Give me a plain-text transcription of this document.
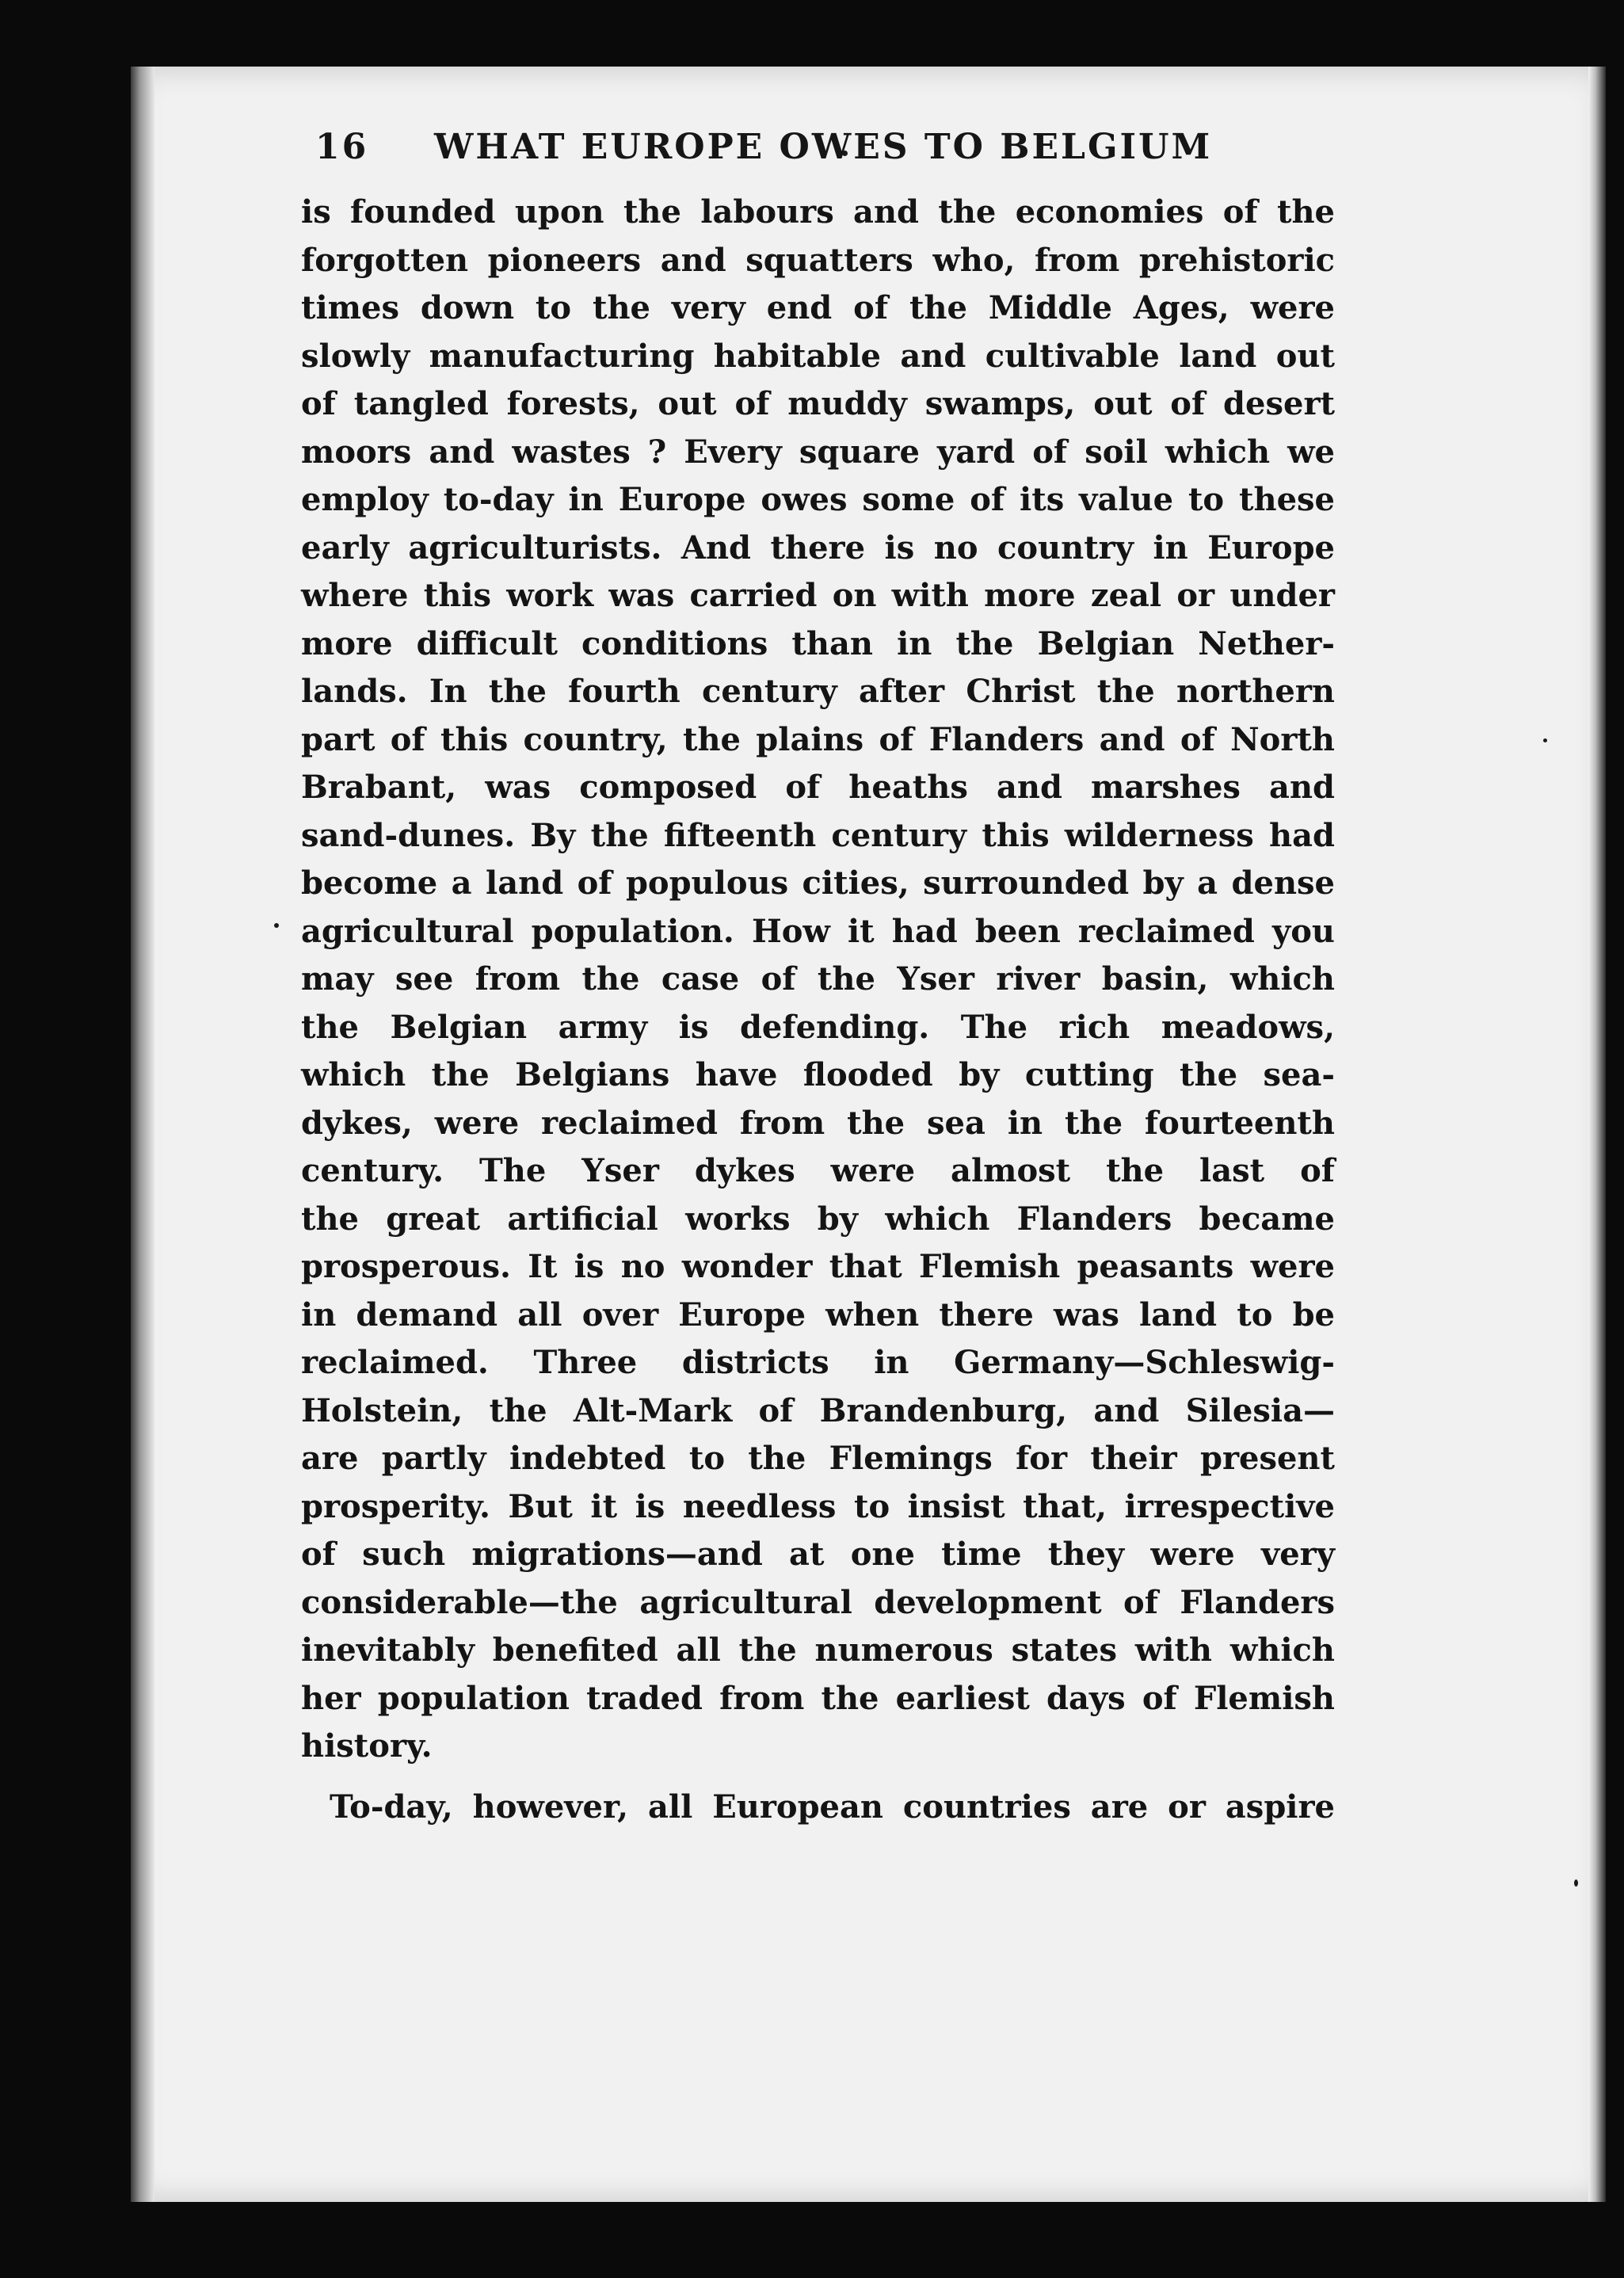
16 WHAT EUROPE OWES TO BELGIUM
is founded upon the labours and the economies of the
forgotten pioneers and squatters who, from prehistoric
times down to the very end of the Middle Ages, were
slowly manufacturing habitable and cultivable land out
of tangled forests, out of muddy swamps, out of desert
moors and wastes ? Every square yard of soil which we
employ to-day in Europe owes some of its value to these
early agriculturists. And there is no country in Europe
where this work was carried on with more zeal or under
more difficult conditions than in the Belgian Nether-
lands. In the fourth century after Christ the northern
part of this country, the plains of Flanders and of North
Brabant, was composed of heaths and marshes and
sand-dunes. By the fifteenth century this wilderness had
become a land of populous cities, surrounded by a dense
agricultural population. How it had been reclaimed you
may see from the case of the Yser river basin, which
the Belgian army is defending. The rich meadows,
which the Belgians have flooded by cutting the sea-
dykes, were reclaimed from the sea in the fourteenth
century. The Yser dykes were almost the last of
the great artificial works by which Flanders became
prosperous. It is no wonder that Flemish peasants were
in demand all over Europe when there was land to be
reclaimed. Three districts in Germany—Schleswig-
Holstein, the Alt-Mark of Brandenburg, and Silesia—
are partly indebted to the Flemings for their present
prosperity. But it is needless to insist that, irrespective
of such migrations—and at one time they were very
considerable—the agricultural development of Flanders
inevitably benefited all the numerous states with which
her population traded from the earliest days of Flemish
history.
To-day, however, all European countries are or aspire
